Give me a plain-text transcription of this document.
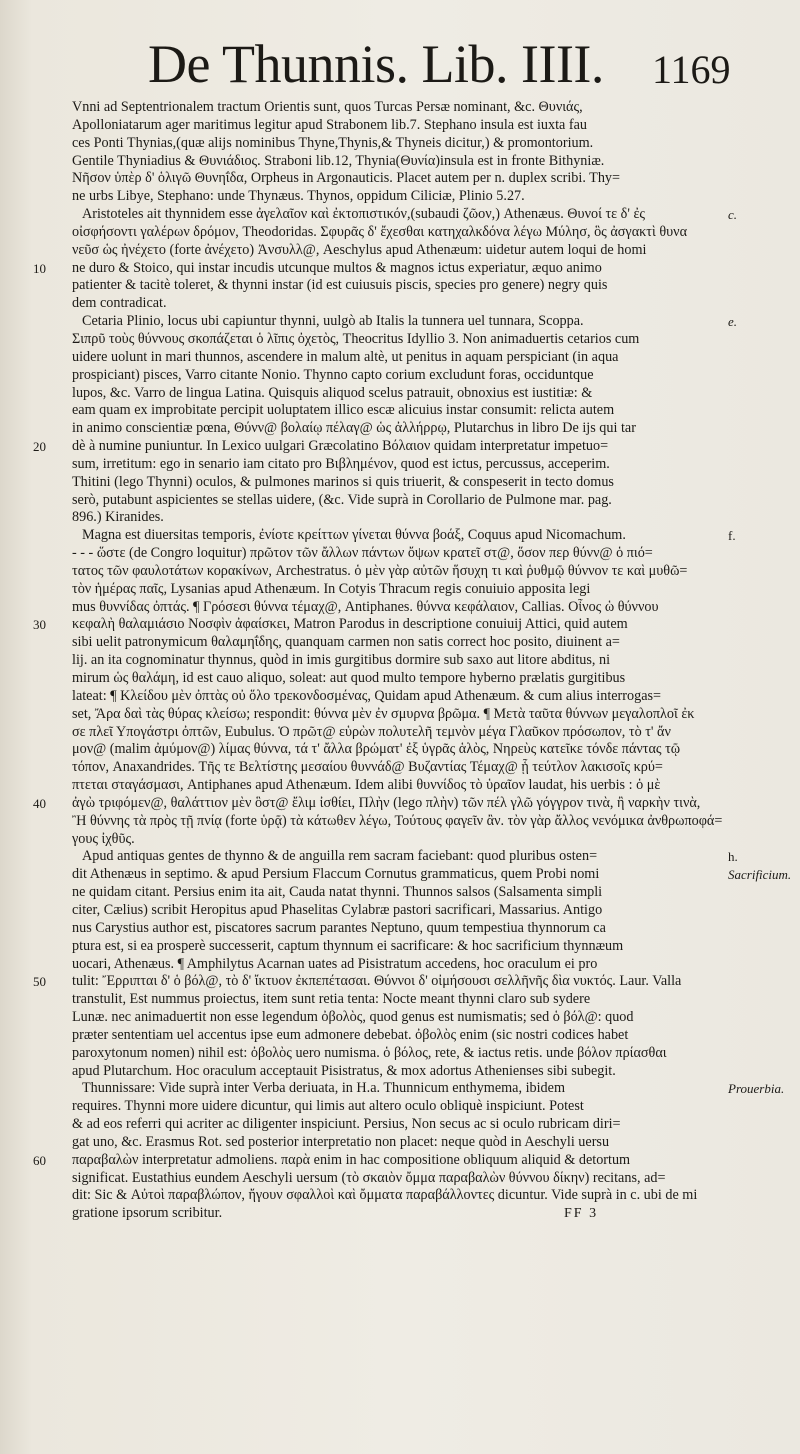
De Thunnis. Lib. IIII. 1169
Vnni ad Septentrionalem tractum Orientis sunt, quos Turcas Persæ nominant, &c. Θυνιάς,
Apolloniatarum ager maritimus legitur apud Strabonem lib.7. Stephano insula est iuxta fau
ces Ponti Thynias,(quæ alijs nominibus Thyne,Thynis,& Thyneis dicitur,) & promontorium.
Gentile Thyniadius & Θυνιάδιος. Straboni lib.12, Thynia(Θυνία)insula est in fronte Bithyniæ.
Νῆσον ὑπὲρ δ' ὁλιγῶ Θυνηΐδα, Orpheus in Argonauticis. Placet autem per n. duplex scribi. Thy=
ne urbs Libye, Stephano: unde Thynæus. Thynos, oppidum Ciliciæ, Plinio 5.27.
Aristoteles ait thynnidem esse ἀγελαῖον καὶ ἐκτοπιστικόν,(subaudi ζῶον,) Athenæus. Θυνοί τε δ' ἐς	c.
οἰσφήσοντι γαλέρων δρόμον, Theodoridas. Σφυρᾶς δ' ἔχεσθαι κατηχαλκδόνα λέγω Μύλησ, ὃς ἀσγακτὶ θυνα
νεῦσ ὡς ἠνέχετο (forte ἀνέχετο) Ἀνσυλλ@, Aeschylus apud Athenæum: uidetur autem loqui de homi
10 ne duro & Stoico, qui instar incudis utcunque multos & magnos ictus experiatur, æquo animo
patienter & tacitè toleret, & thynni instar (id est cuiusuis piscis, species pro genere) negry quis
dem contradicat.
Cetaria Plinio, locus ubi capiuntur thynni, uulgò ab Italis la tunnera uel tunnara, Scoppa.	e.
Σιπρῦ τοὺς θύννους σκοπάζεται ὁ λῖπις ὀχετὸς, Theocritus Idyllio 3. Non animaduertis cetarios cum
uidere uolunt in mari thunnos, ascendere in malum altè, ut penitus in aquam perspiciant (in aqua
prospiciant) pisces, Varro citante Nonio. Thynno capto corium excludunt foras, occiduntque
lupos, &c. Varro de lingua Latina. Quisquis aliquod scelus patrauit, obnoxius est iustitiæ: &
eam quam ex improbitate percipit uoluptatem illico escæ alicuius instar consumit: relicta autem
in animo conscientiæ pœna, Θύνν@ βολαίῳ πέλαγ@ ὡς ἀλλήρρῳ, Plutarchus in libro De ijs qui tar
20 dè à numine puniuntur. In Lexico uulgari Græcolatino Βόλαιον quidam interpretatur impetuo=
sum, irretitum: ego in senario iam citato pro Βιβλημένον, quod est ictus, percussus, acceperim.
Thitini (lego Thynni) oculos, & pulmones marinos si quis triuerit, & conspeserit in tecto domus
serò, putabunt aspicientes se stellas uidere, (&c. Vide suprà in Corollario de Pulmone mar. pag.
896.) Kiranides.
Magna est diuersitas temporis, ἐνίοτε κρείττων γίνεται θύννα βοάξ, Coquus apud Nicomachum.	f.
- - - ὥστε (de Congro loquitur) πρῶτον τῶν ἄλλων πάντων ὄψων κρατεῖ στ@, ὅσον περ θύνν@ ὁ πιό=
τατος τῶν φαυλοτάτων κορακίνων, Archestratus. ὁ μὲν γὰρ αὐτῶν ἥσυχη τι καὶ ῥυθμῷ θύννον τε καὶ μυθῶ=
τὸν ἡμέρας παῖς, Lysanias apud Athenæum. In Cotyis Thracum regis conuiuio apposita legi
mus θυννίδας ὀπτάς. ¶ Γρόσεσι θύννα τέμαχ@, Antiphanes. θύννα κεφάλαιον, Callias. Οἶνος ὡ θύννου
30 κεφαλὴ θαλαμιάσιο Νοσφὶν ἀφαίσκει, Matron Parodus in descriptione conuiuij Attici, quid autem
sibi uelit patronymicum θαλαμηΐδης, quanquam carmen non satis correct hoc posito, diuinent a=
lij. an ita cognominatur thynnus, quòd in imis gurgitibus dormire sub saxo aut litore abditus, ni
mirum ὡς θαλάμη, id est cauo aliquo, soleat: aut quod multo tempore hyberno prælatis gurgitibus
lateat: ¶ Κλείδου μὲν ὀπτὰς οὐ ὅλο τρεκονδοσμένας, Quidam apud Athenæum. & cum alius interrogas=
set, Ἄρα δαὶ τὰς θύρας κλείσω; respondit: θύννα μὲν ἐν σμυρνα βρῶμα. ¶ Μετὰ ταῦτα θύννων μεγαλοπλοῖ ἐκ
σε πλεῖ Υπογάστρι ὀπτῶν, Eubulus. Ὁ πρῶτ@ εὑρὼν πολυτελῆ τεμνὸν μέγα Γλαῦκον πρόσωπον, τὸ τ' ἄν
μον@ (malim ἀμύμον@) λίμας θύννα, τά τ' ἄλλα βρώματ' ἐξ ὑγρᾶς ἁλὸς, Νηρεὺς κατεῖκε τόνδε πάντας τῷ
τόπον, Anaxandrides. Τῆς τε Βελτίστης μεσαίου θυννάδ@ Βυζαντίας Τέμαχ@ ᾗ τεύτλον λακισοῖς κρύ=
πτεται σταγάσμασι, Antiphanes apud Athenæum. Idem alibi θυννίδος τὸ ὑραῖον laudat, his uerbis : ὁ μὲ
40 ἀγὼ τριφόμεν@, θαλάττιον μὲν ὃστ@ ἔλιμ ἰσθίει, Πλὴν (lego πλὴν) τῶν πέλ γλῶ γόγγρον τινὰ, ἢ ναρκὴν τινὰ,
Ἢ θύννης τὰ πρὸς τῇ πνίᾳ (forte ὑρᾷ) τὰ κάτωθεν λέγω, Τούτους φαγεῖν ἂν. τὸν γὰρ ἄλλος νενόμικα ἀνθρωποφά=
γους ἰχθῦς.
Apud antiquas gentes de thynno & de anguilla rem sacram faciebant: quod pluribus osten=	h.
dit Athenæus in septimo. & apud Persium Flaccum Cornutus grammaticus, quem Probi nomi	Sacrificium.
ne quidam citant. Persius enim ita ait, Cauda natat thynni. Thunnos salsos (Salsamenta simpli
citer, Cælius) scribit Heropitus apud Phaselitas Cylabræ pastori sacrificari, Massarius. Antigo
nus Carystius author est, piscatores sacrum parantes Neptuno, quum tempestiua thynnorum ca
ptura est, si ea prosperè successerit, captum thynnum ei sacrificare: & hoc sacrificium thynnæum
uocari, Athenæus. ¶ Amphilytus Acarnan uates ad Pisistratum accedens, hoc oraculum ei pro
50 tulit: Ἔρριπται δ' ὁ βόλ@, τὸ δ' ἴκτυον ἐκπεπέτασαι. Θύννοι δ' οἰμήσουσι σελλῆνῆς δὶα νυκτός. Laur. Valla
transtulit, Est nummus proiectus, item sunt retia tenta: Nocte meant thynni claro sub sydere
Lunæ. nec animaduertit non esse legendum ὀβολὸς, quod genus est numismatis; sed ὁ βόλ@: quod
præter sententiam uel accentus ipse eum admonere debebat. ὀβολὸς enim (sic nostri codices habet
paroxytonum nomen) nihil est: ὀβολὸς uero numisma. ὁ βόλος, rete, & iactus retis. unde βόλον πρίασθαι
apud Plutarchum. Hoc oraculum acceptauit Pisistratus, & mox adortus Athenienses sibi subegit.
Thunnissare: Vide suprà inter Verba deriuata, in H.a. Thunnicum enthymema, ibidem	Prouerbia.
requires. Thynni more uidere dicuntur, qui limis aut altero oculo obliquè inspiciunt. Potest
& ad eos referri qui acriter ac diligenter inspiciunt. Persius, Non secus ac si oculo rubricam diri=
gat uno, &c. Erasmus Rot. sed posterior interpretatio non placet: neque quòd in Aeschyli uersu
60 παραβαλὼν interpretatur admoliens. παρὰ enim in hac compositione obliquum aliquid & detortum
significat. Eustathius eundem Aeschyli uersum (τὸ σκαιὸν ὄμμα παραβαλὼν θύννου δίκην) recitans, ad=
dit: Sic & Αὐτοὶ παραβλώπον, ἤγουν σφαλλοὶ καὶ ὄμματα παραβάλλοντες dicuntur. Vide suprà in c. ubi de mi
gratione ipsorum scribitur.	FF 3
